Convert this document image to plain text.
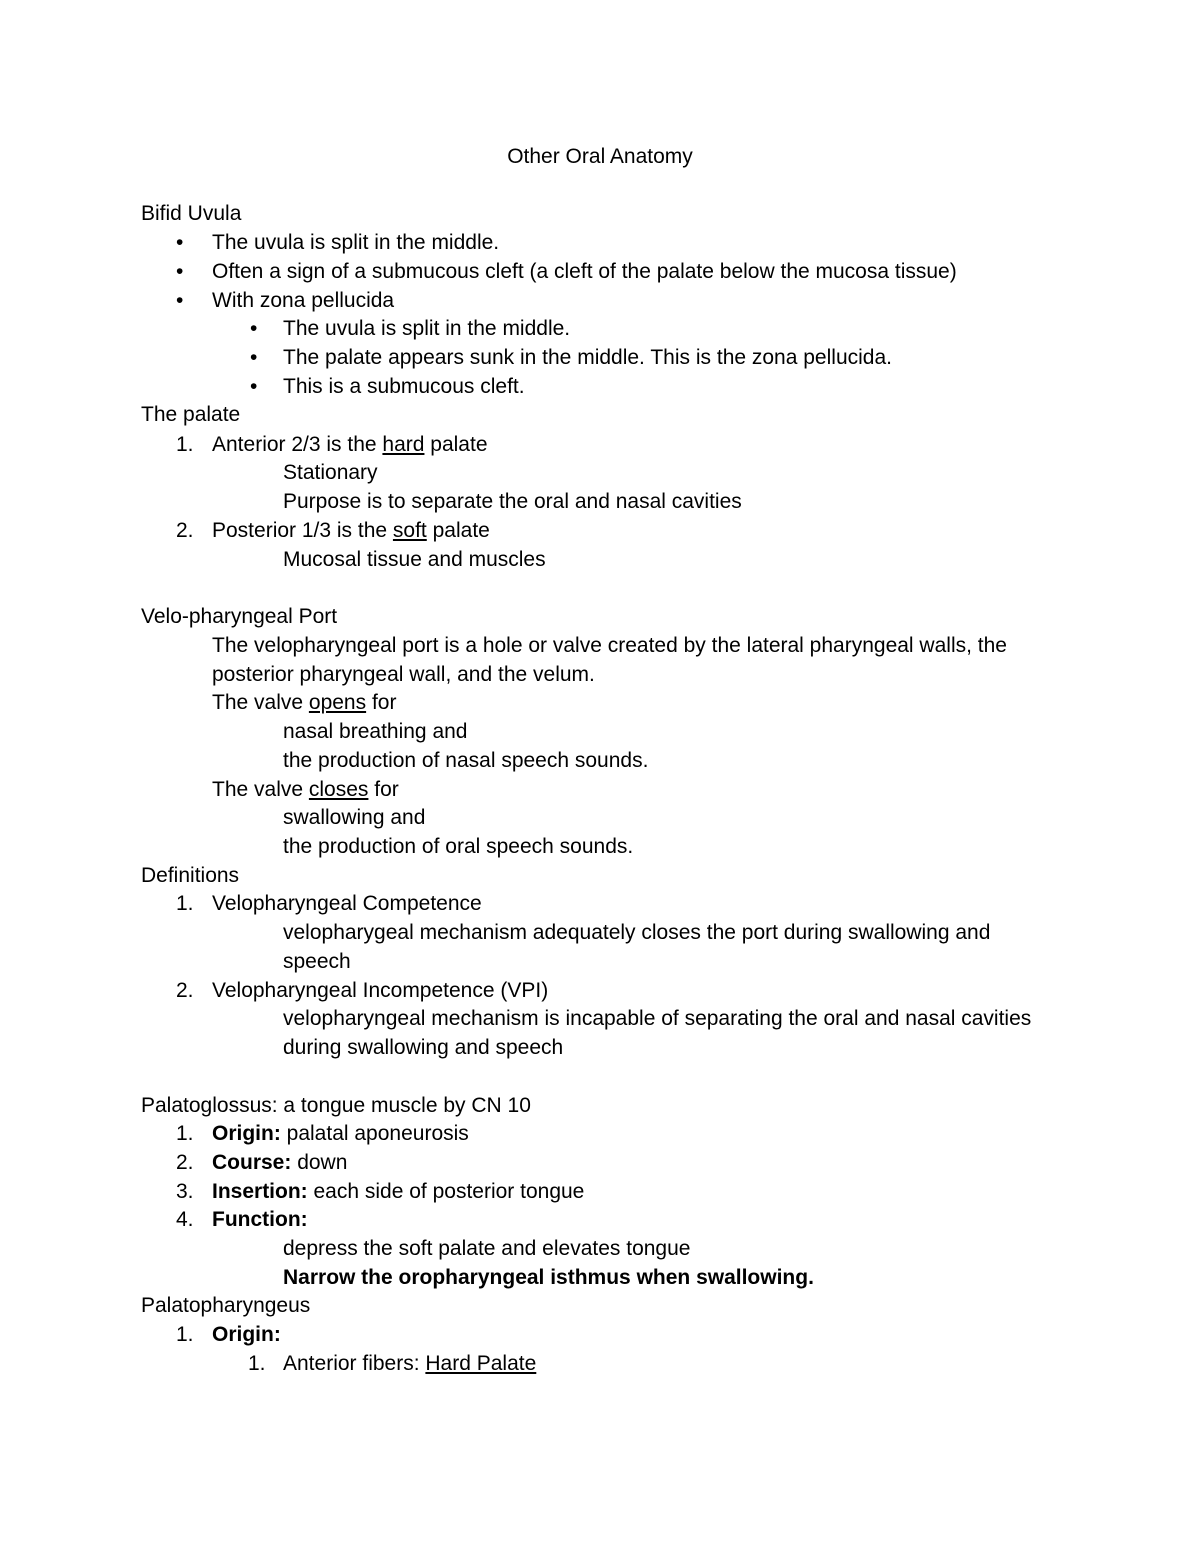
Other Oral Anatomy
Bifid Uvula
• The uvula is split in the middle.
• Often a sign of a submucous cleft (a cleft of the palate below the mucosa tissue)
• With zona pellucida
• The uvula is split in the middle.
• The palate appears sunk in the middle. This is the zona pellucida.
• This is a submucous cleft.
The palate
1. Anterior 2/3 is the hard palate
Stationary
Purpose is to separate the oral and nasal cavities
2. Posterior 1/3 is the soft palate
Mucosal tissue and muscles
Velo-pharyngeal Port
The velopharyngeal port is a hole or valve created by the lateral pharyngeal walls, the
posterior pharyngeal wall, and the velum.
The valve opens for
nasal breathing and
the production of nasal speech sounds.
The valve closes for
swallowing and
the production of oral speech sounds.
Definitions
1. Velopharyngeal Competence
velopharygeal mechanism adequately closes the port during swallowing and
speech
2. Velopharyngeal Incompetence (VPI)
velopharyngeal mechanism is incapable of separating the oral and nasal cavities
during swallowing and speech
Palatoglossus: a tongue muscle by CN 10
1. Origin: palatal aponeurosis
2. Course: down
3. Insertion: each side of posterior tongue
4. Function:
depress the soft palate and elevates tongue
Narrow the oropharyngeal isthmus when swallowing.
Palatopharyngeus
1. Origin:
1. Anterior fibers: Hard Palate
